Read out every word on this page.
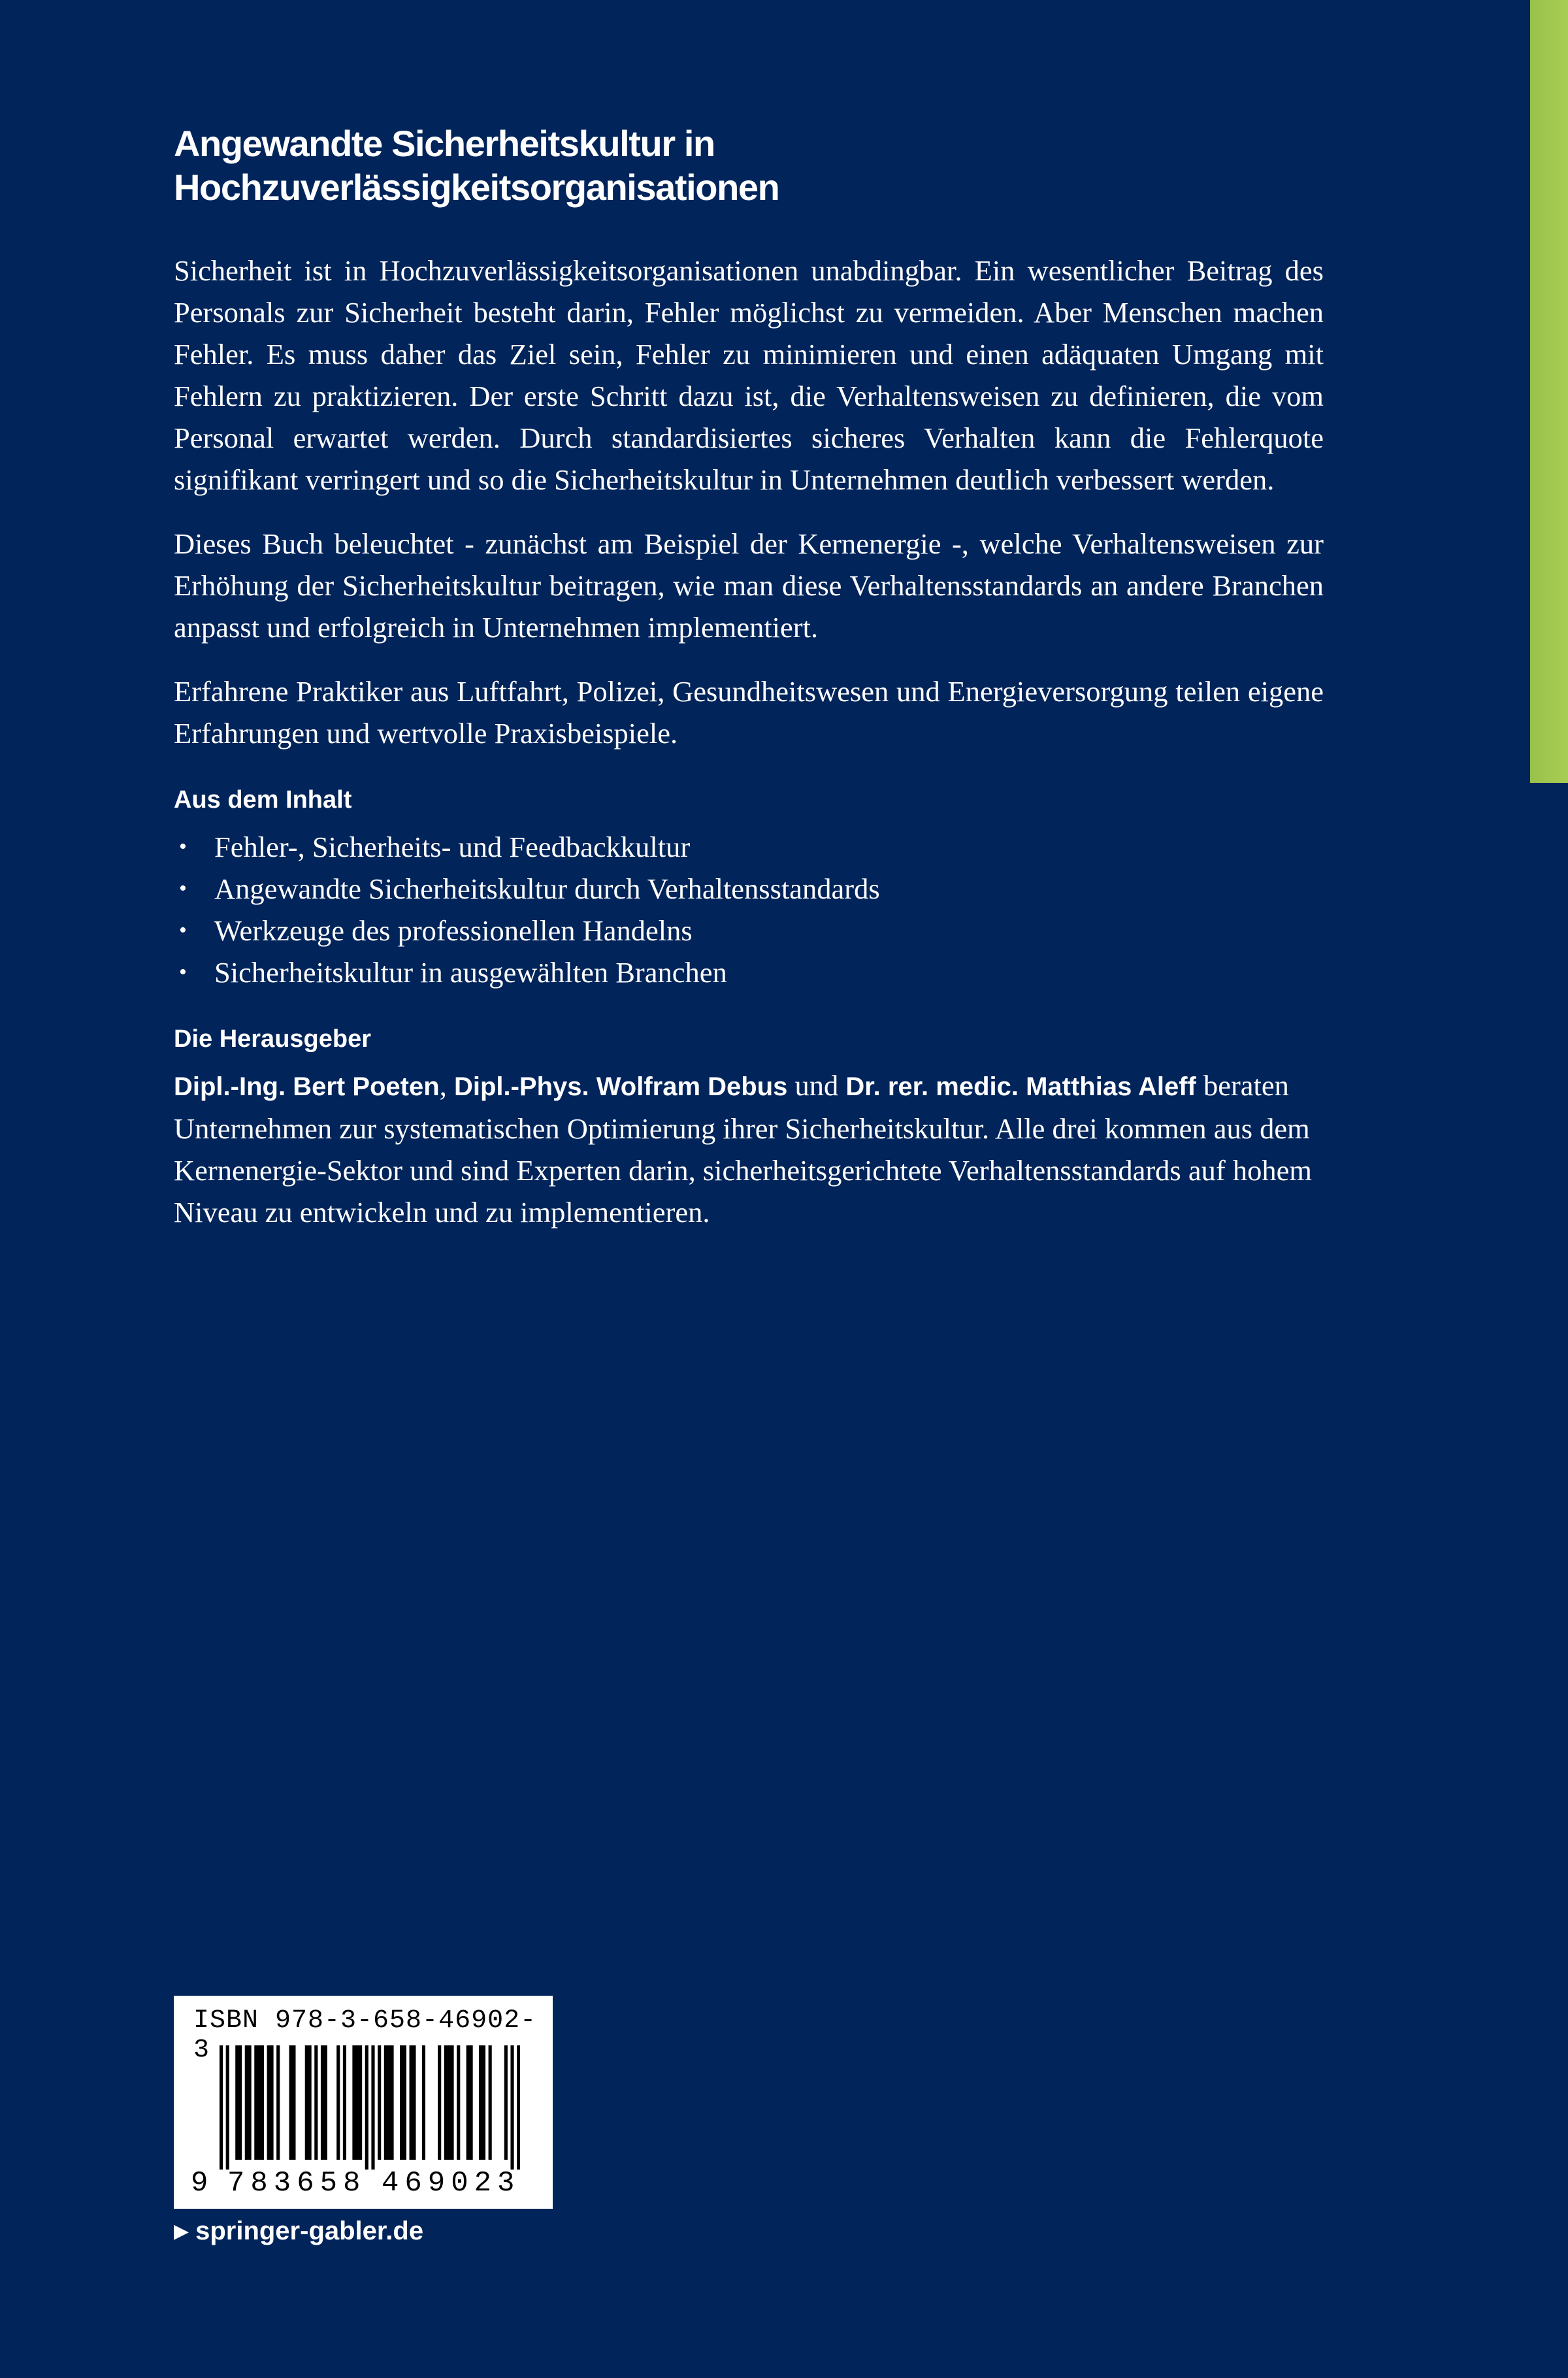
Angewandte Sicherheitskultur in Hochzuverlässigkeitsorganisationen

Sicherheit ist in Hochzuverlässigkeitsorganisationen unabdingbar. Ein wesentlicher Beitrag des Personals zur Sicherheit besteht darin, Fehler möglichst zu vermeiden. Aber Menschen machen Fehler. Es muss daher das Ziel sein, Fehler zu minimieren und einen adäquaten Umgang mit Fehlern zu praktizieren. Der erste Schritt dazu ist, die Verhaltensweisen zu definieren, die vom Personal erwartet werden. Durch standardisiertes sicheres Verhalten kann die Fehlerquote signifikant verringert und so die Sicherheitskultur in Unternehmen deutlich verbessert werden.

Dieses Buch beleuchtet - zunächst am Beispiel der Kernenergie -, welche Verhaltensweisen zur Erhöhung der Sicherheitskultur beitragen, wie man diese Verhaltensstandards an andere Branchen anpasst und erfolgreich in Unternehmen implementiert.

Erfahrene Praktiker aus Luftfahrt, Polizei, Gesundheitswesen und Energieversorgung teilen eigene Erfahrungen und wertvolle Praxisbeispiele.

Aus dem Inhalt
• Fehler-, Sicherheits- und Feedbackkultur
• Angewandte Sicherheitskultur durch Verhaltensstandards
• Werkzeuge des professionellen Handelns
• Sicherheitskultur in ausgewählten Branchen
Die Herausgeber

Dipl.-Ing. Bert Poeten, Dipl.-Phys. Wolfram Debus und Dr. rer. medic. Matthias Aleff beraten Unternehmen zur systematischen Optimierung ihrer Sicherheitskultur. Alle drei kommen aus dem Kernenergie-Sektor und sind Experten darin, sicherheitsgerichtete Verhaltensstandards auf hohem Niveau zu entwickeln und zu implementieren.

ISBN 978-3-658-46902-3
9 783658 469023
▶ springer-gabler.de
